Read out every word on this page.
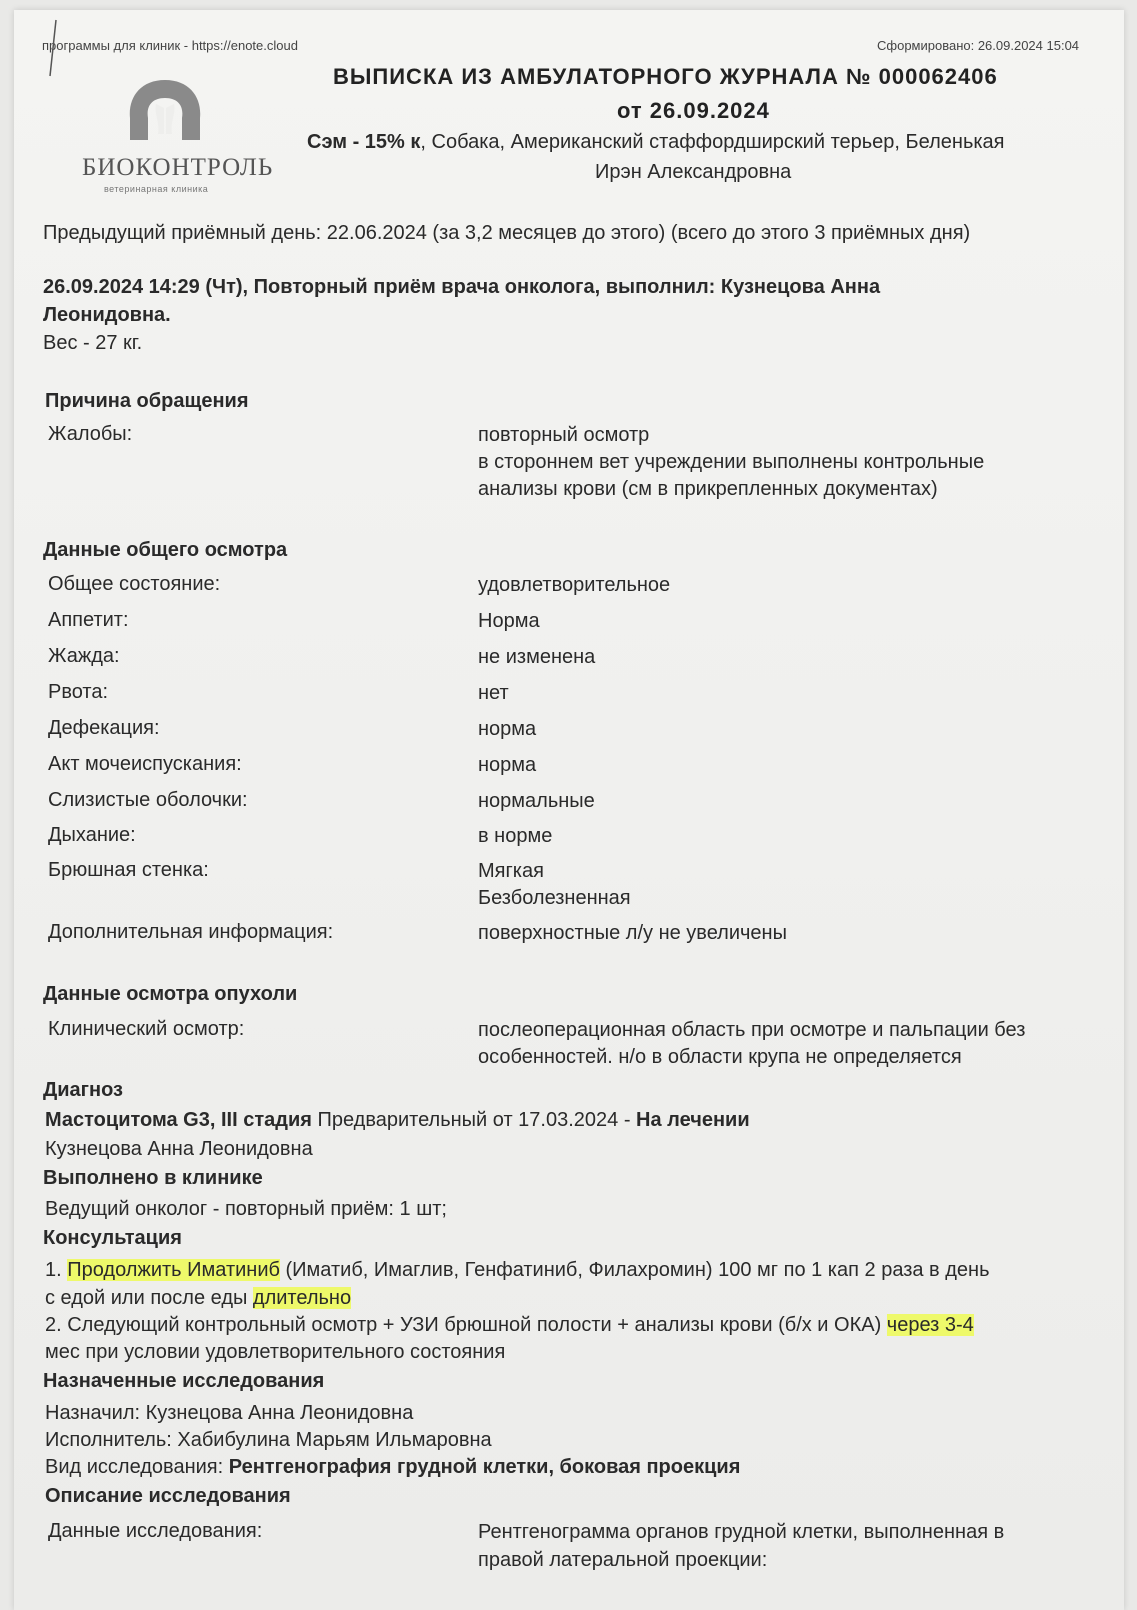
программы для клиник - https://enote.cloud	Сформировано: 26.09.2024 15:04
БИОКОНТРОЛЬ
ветеринарная клиника
ВЫПИСКА ИЗ АМБУЛАТОРНОГО ЖУРНАЛА № 000062406
от 26.09.2024
Сэм - 15% к, Собака, Американский стаффордширский терьер, Беленькая
Ирэн Александровна
Предыдущий приёмный день: 22.06.2024 (за 3,2 месяцев до этого) (всего до этого 3 приёмных дня)
26.09.2024 14:29 (Чт), Повторный приём врача онколога, выполнил: Кузнецова Анна
Леонидовна.
Вес - 27 кг.
Причина обращения
Жалобы:	повторный осмотр
в стороннем вет учреждении выполнены контрольные
анализы крови (см в прикрепленных документах)
Данные общего осмотра
Общее состояние:	удовлетворительное
Аппетит:	Норма
Жажда:	не изменена
Рвота:	нет
Дефекация:	норма
Акт мочеиспускания:	норма
Слизистые оболочки:	нормальные
Дыхание:	в норме
Брюшная стенка:	Мягкая
Безболезненная
Дополнительная информация:	поверхностные л/у не увеличены
Данные осмотра опухоли
Клинический осмотр:	послеоперационная область при осмотре и пальпации без
особенностей. н/о в области крупа не определяется
Диагноз
Мастоцитома G3, III стадия Предварительный от 17.03.2024 - На лечении
Кузнецова Анна Леонидовна
Выполнено в клинике
Ведущий онколог - повторный приём: 1 шт;
Консультация
1. Продолжить Иматиниб (Иматиб, Имаглив, Генфатиниб, Филахромин) 100 мг по 1 кап 2 раза в день
с едой или после еды длительно
2. Следующий контрольный осмотр + УЗИ брюшной полости + анализы крови (б/х и ОКА) через 3-4
мес при условии удовлетворительного состояния
Назначенные исследования
Назначил: Кузнецова Анна Леонидовна
Исполнитель: Хабибулина Марьям Ильмаровна
Вид исследования: Рентгенография грудной клетки, боковая проекция
Описание исследования
Данные исследования:	Рентгенограмма органов грудной клетки, выполненная в
правой латеральной проекции:
